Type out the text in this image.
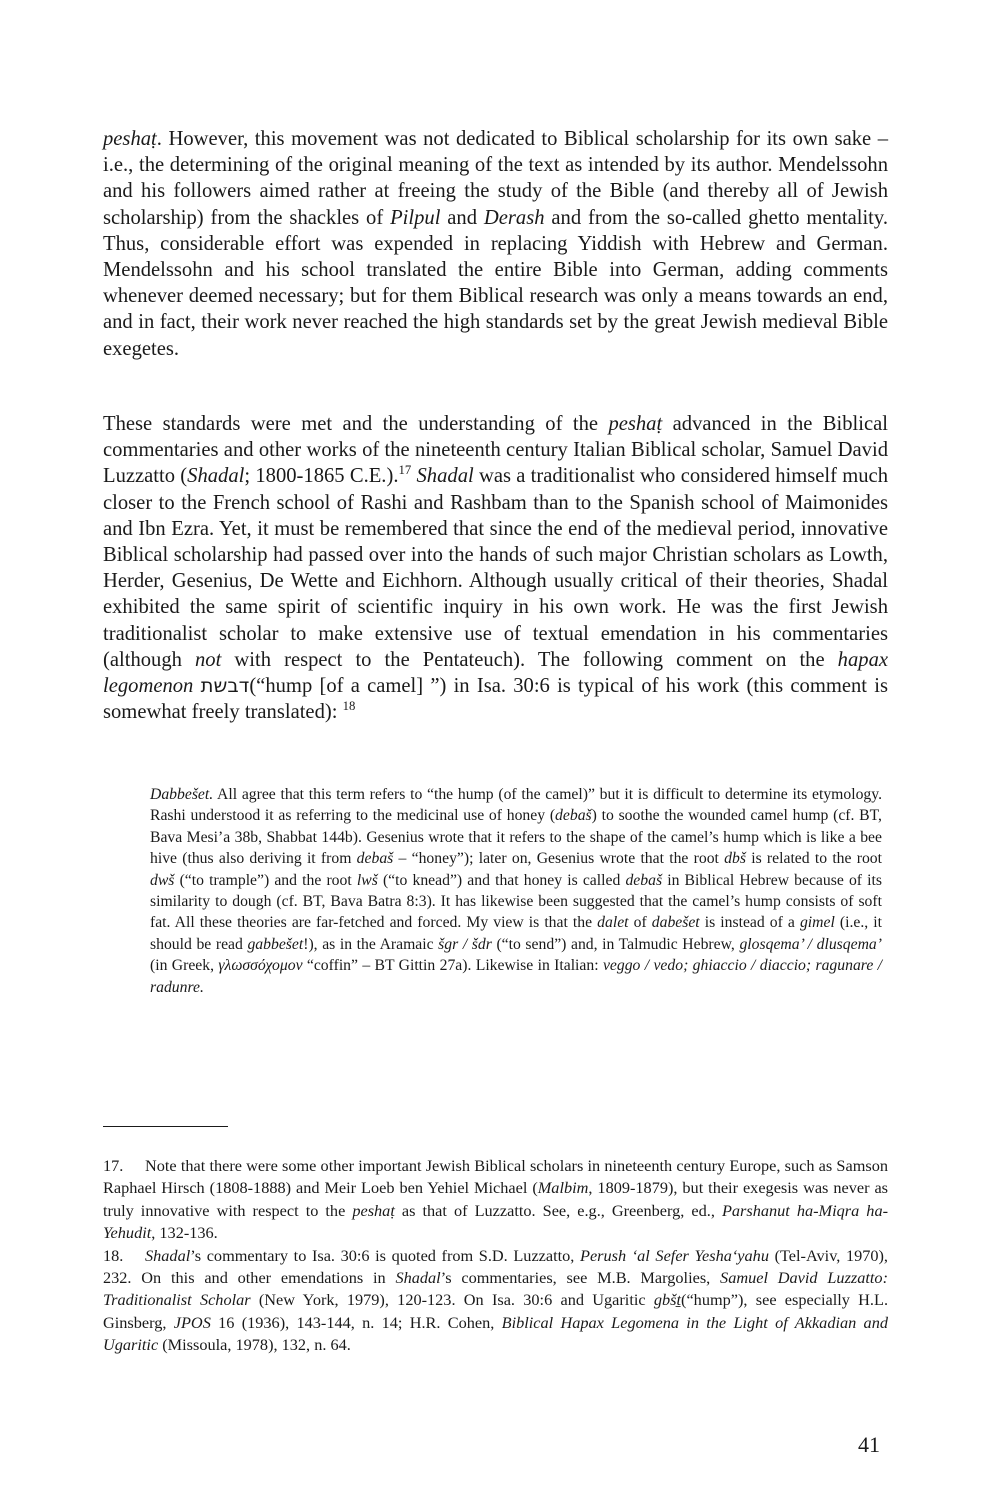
peshaṭ. However, this movement was not dedicated to Biblical scholarship for its own sake – i.e., the determining of the original meaning of the text as intended by its author. Mendelssohn and his followers aimed rather at freeing the study of the Bible (and thereby all of Jewish scholarship) from the shackles of Pilpul and Derash and from the so-called ghetto mentality. Thus, considerable effort was expended in replacing Yiddish with Hebrew and German. Mendelssohn and his school translated the entire Bible into German, adding comments whenever deemed necessary; but for them Biblical research was only a means towards an end, and in fact, their work never reached the high standards set by the great Jewish medieval Bible exegetes.

These standards were met and the understanding of the peshaṭ advanced in the Biblical commentaries and other works of the nineteenth century Italian Biblical scholar, Samuel David Luzzatto (Shadal; 1800-1865 C.E.).$^{17}$ Shadal was a traditionalist who considered himself much closer to the French school of Rashi and Rashbam than to the Spanish school of Maimonides and Ibn Ezra. Yet, it must be remembered that since the end of the medieval period, innovative Biblical scholarship had passed over into the hands of such major Christian scholars as Lowth, Herder, Gesenius, De Wette and Eichhorn. Although usually critical of their theories, Shadal exhibited the same spirit of scientific inquiry in his own work. He was the first Jewish traditionalist scholar to make extensive use of textual emendation in his commentaries (although not with respect to the Pentateuch). The following comment on the hapax legomenon דבשת(“hump [of a camel] ”) in Isa. 30:6 is typical of his work (this comment is somewhat freely translated): $^{18}$

Dabbešet. All agree that this term refers to “the hump (of the camel)” but it is difficult to determine its etymology. Rashi understood it as referring to the medicinal use of honey (debaš) to soothe the wounded camel hump (cf. BT, Bava Mesi’a 38b, Shabbat 144b). Gesenius wrote that it refers to the shape of the camel’s hump which is like a bee hive (thus also deriving it from debaš – “honey”); later on, Gesenius wrote that the root dbš is related to the root dwš (“to trample”) and the root lwš (“to knead”) and that honey is called debaš in Biblical Hebrew because of its similarity to dough (cf. BT, Bava Batra 8:3). It has likewise been suggested that the camel’s hump consists of soft fat. All these theories are far-fetched and forced. My view is that the dalet of dabešet is instead of a gimel (i.e., it should be read gabbešet!), as in the Aramaic šgr / šdr (“to send”) and, in Talmudic Hebrew, glosqema’ / dlusqema’ (in Greek, γλωσσόχομον “coffin” – BT Gittin 27a). Likewise in Italian: veggo / vedo; ghiaccio / diaccio; ragunare / radunre.

17. Note that there were some other important Jewish Biblical scholars in nineteenth century Europe, such as Samson Raphael Hirsch (1808-1888) and Meir Loeb ben Yehiel Michael (Malbim, 1809-1879), but their exegesis was never as truly innovative with respect to the peshaṭ as that of Luzzatto. See, e.g., Greenberg, ed., Parshanut ha-Miqra ha-Yehudit, 132-136.

18. Shadal’s commentary to Isa. 30:6 is quoted from S.D. Luzzatto, Perush ‘al Sefer Yesha‘yahu (Tel-Aviv, 1970), 232. On this and other emendations in Shadal’s commentaries, see M.B. Margolies, Samuel David Luzzatto: Traditionalist Scholar (New York, 1979), 120-123. On Isa. 30:6 and Ugaritic gbšṯ(“hump”), see especially H.L. Ginsberg, JPOS 16 (1936), 143-144, n. 14; H.R. Cohen, Biblical Hapax Legomena in the Light of Akkadian and Ugaritic (Missoula, 1978), 132, n. 64.

41
